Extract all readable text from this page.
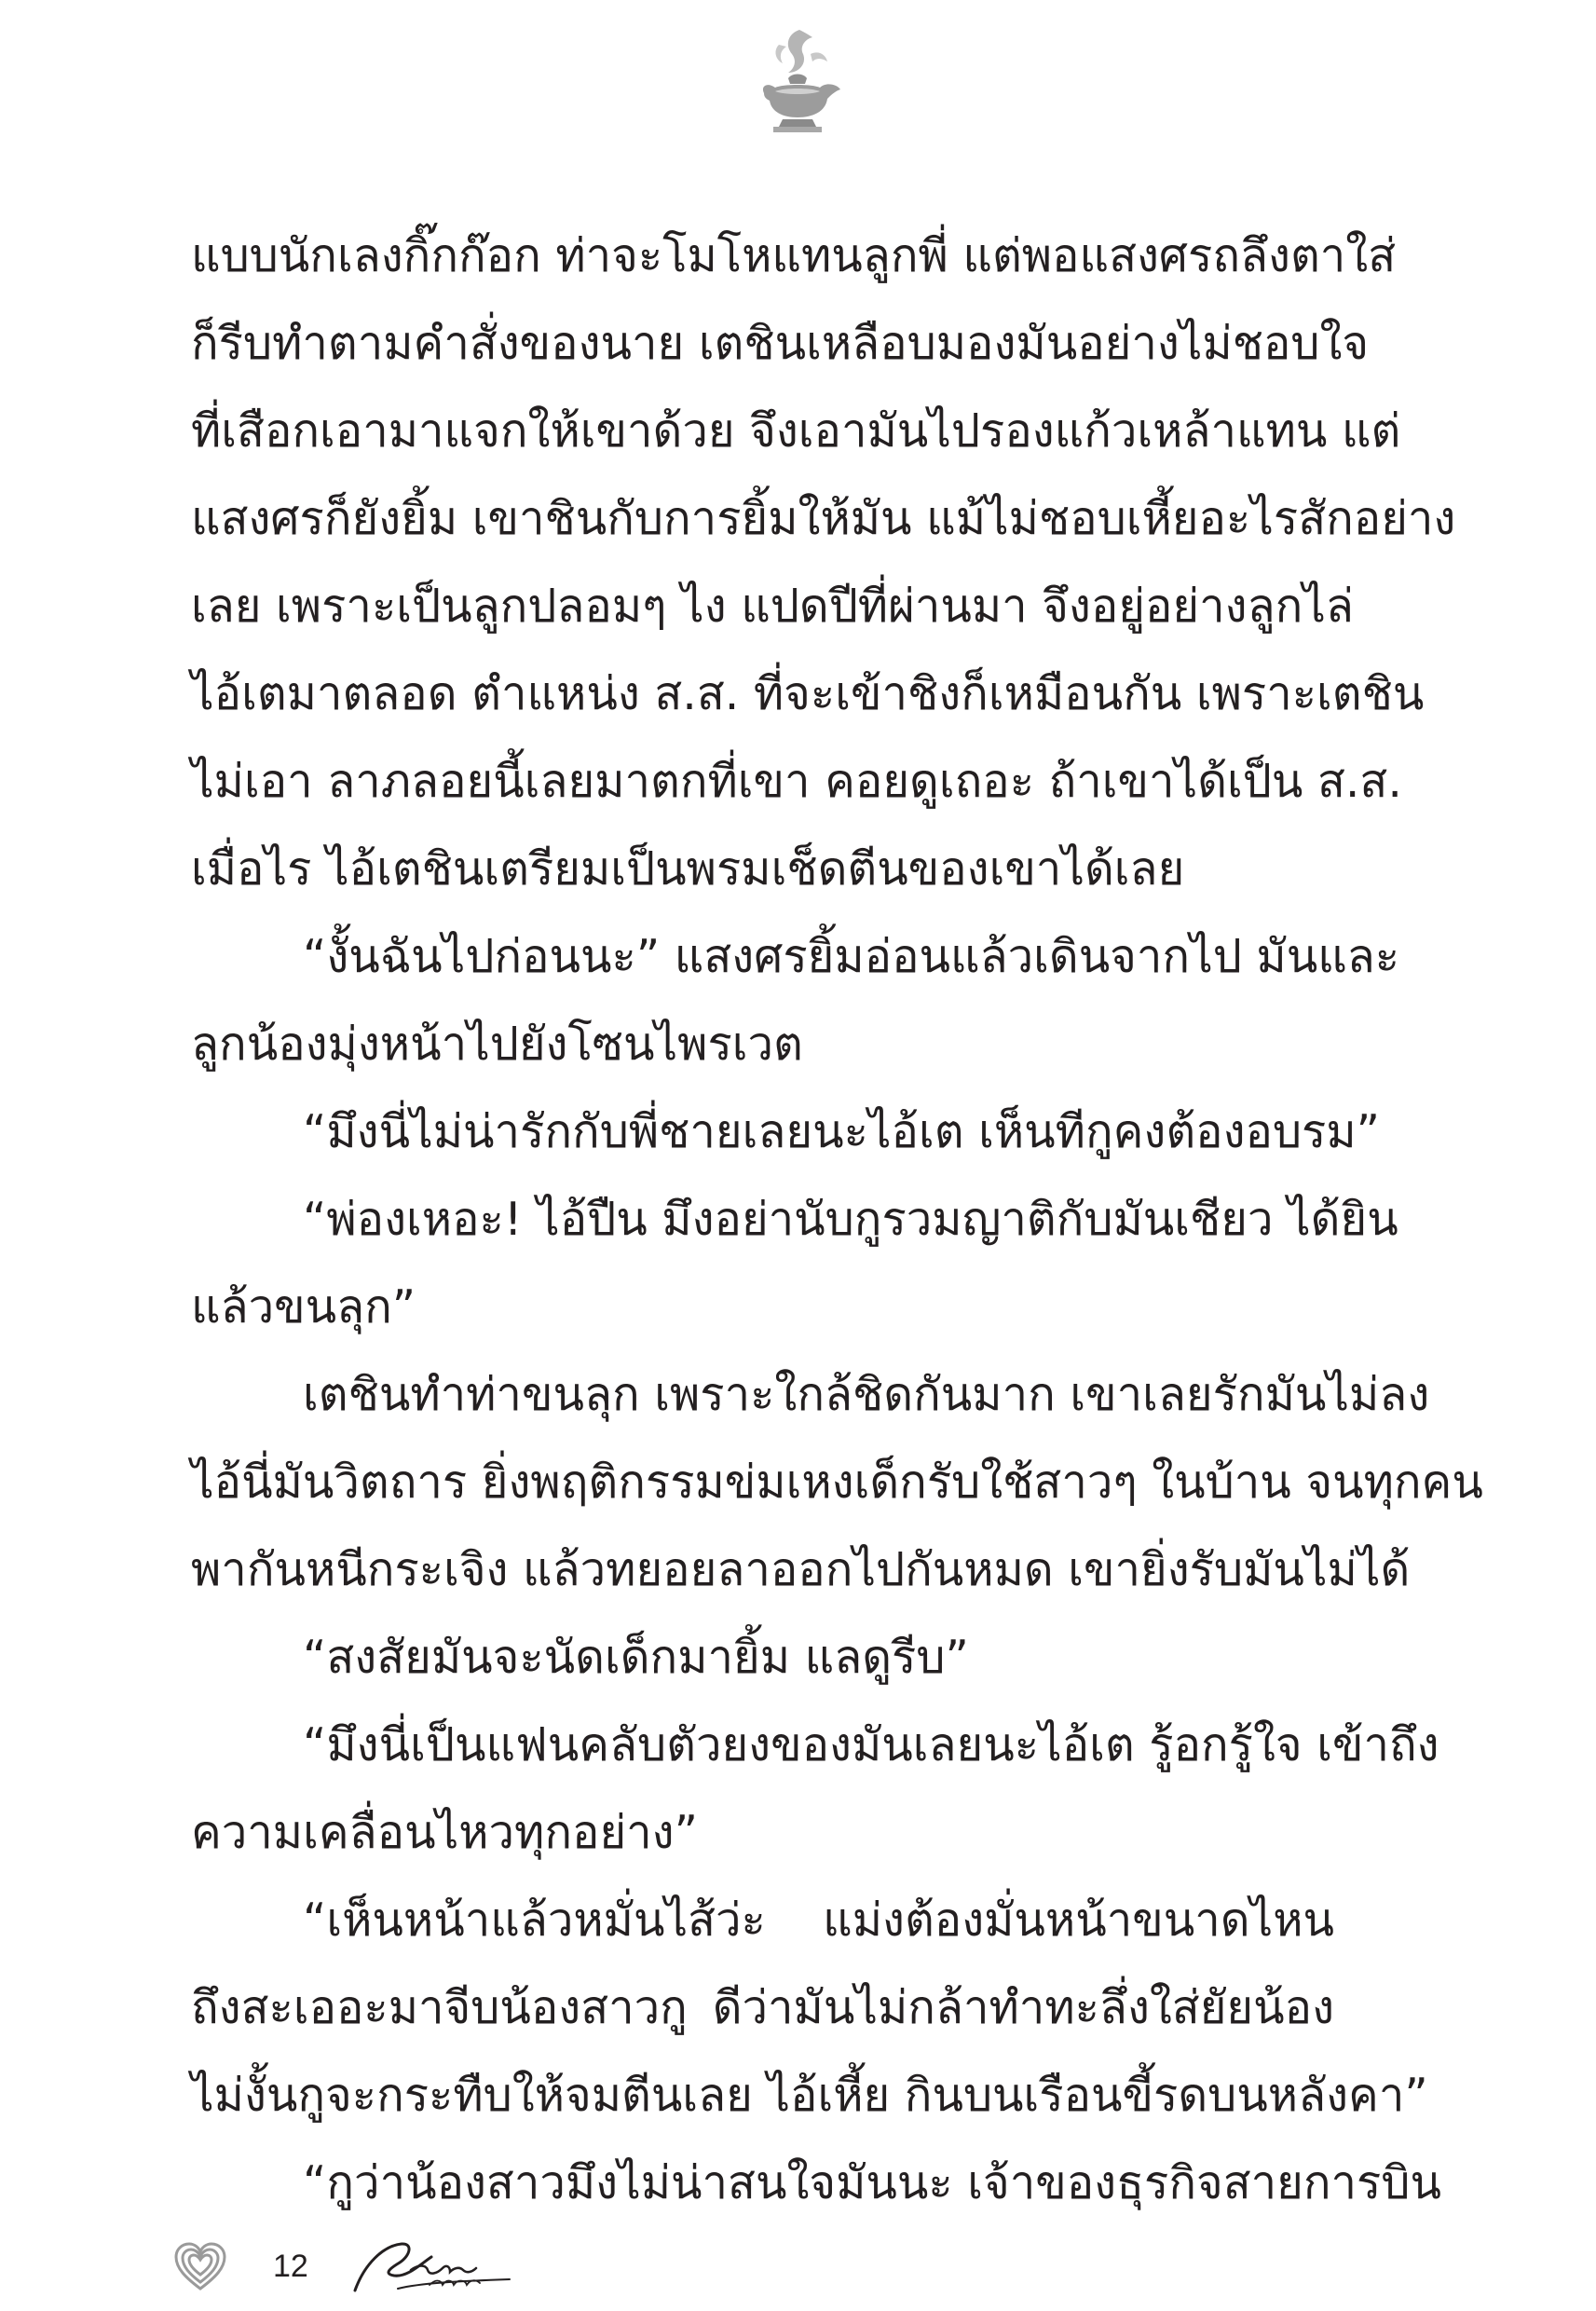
แบบนักเลงกิ๊กก๊อก ท่าจะโมโหแทนลูกพี่ แต่พอแสงศรถลึงตาใส่
ก็รีบทำตามคำสั่งของนาย เตชินเหลือบมองมันอย่างไม่ชอบใจ
ที่เสือกเอามาแจกให้เขาด้วย จึงเอามันไปรองแก้วเหล้าแทน แต่
แสงศรก็ยังยิ้ม เขาชินกับการยิ้มให้มัน แม้ไม่ชอบเหี้ยอะไรสักอย่าง
เลย เพราะเป็นลูกปลอมๆ ไง แปดปีที่ผ่านมา จึงอยู่อย่างลูกไล่
ไอ้เตมาตลอด ตำแหน่ง ส.ส. ที่จะเข้าชิงก็เหมือนกัน เพราะเตชิน
ไม่เอา ลาภลอยนี้เลยมาตกที่เขา คอยดูเถอะ ถ้าเขาได้เป็น ส.ส.
เมื่อไร ไอ้เตชินเตรียมเป็นพรมเช็ดตีนของเขาได้เลย
“งั้นฉันไปก่อนนะ” แสงศรยิ้มอ่อนแล้วเดินจากไป มันและ
ลูกน้องมุ่งหน้าไปยังโซนไพรเวต
“มึงนี่ไม่น่ารักกับพี่ชายเลยนะไอ้เต เห็นทีกูคงต้องอบรม”
“พ่องเหอะ! ไอ้ปืน มึงอย่านับกูรวมญาติกับมันเชียว ได้ยิน
แล้วขนลุก”
เตชินทำท่าขนลุก เพราะใกล้ชิดกันมาก เขาเลยรักมันไม่ลง
ไอ้นี่มันวิตถาร ยิ่งพฤติกรรมข่มเหงเด็กรับใช้สาวๆ ในบ้าน จนทุกคน
พากันหนีกระเจิง แล้วทยอยลาออกไปกันหมด เขายิ่งรับมันไม่ได้
“สงสัยมันจะนัดเด็กมายิ้ม แลดูรีบ”
“มึงนี่เป็นแฟนคลับตัวยงของมันเลยนะไอ้เต รู้อกรู้ใจ เข้าถึง
ความเคลื่อนไหวทุกอย่าง”
“เห็นหน้าแล้วหมั่นไส้ว่ะ แม่งต้องมั่นหน้าขนาดไหน
ถึงสะเออะมาจีบน้องสาวกู ดีว่ามันไม่กล้าทำทะลึ่งใส่ยัยน้อง
ไม่งั้นกูจะกระทืบให้จมตีนเลย ไอ้เหี้ย กินบนเรือนขี้รดบนหลังคา”
“กูว่าน้องสาวมึงไม่น่าสนใจมันนะ เจ้าของธุรกิจสายการบิน
12
